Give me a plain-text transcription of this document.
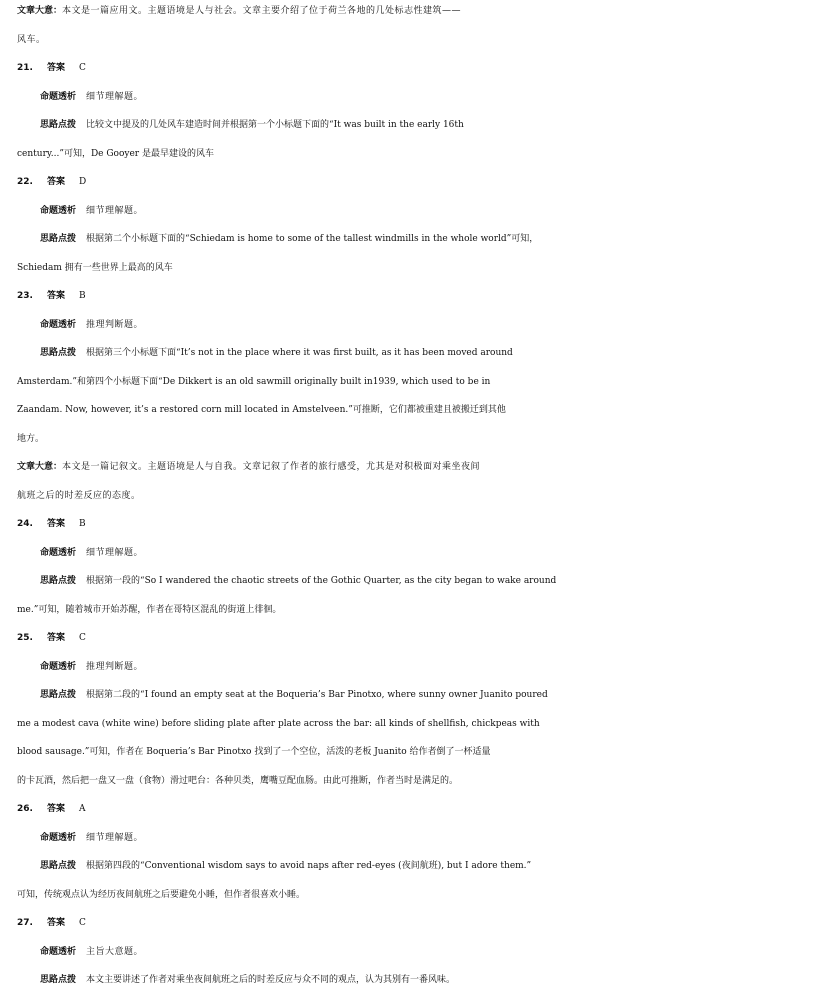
文章大意：本文是一篇应用文。主题语境是人与社会。文章主要介绍了位于荷兰各地的几处标志性建筑——
风车。
21. 答案 C
命题透析 细节理解题。
思路点拨 比较文中提及的几处风车建造时间并根据第一个小标题下面的“It was built in the early 16th
century...”可知，De Gooyer 是最早建设的风车
22. 答案 D
命题透析 细节理解题。
思路点拨 根据第二个小标题下面的“Schiedam is home to some of the tallest windmills in the whole world”可知，
Schiedam 拥有一些世界上最高的风车
23. 答案 B
命题透析 推理判断题。
思路点拨 根据第三个小标题下面“It’s not in the place where it was first built, as it has been moved around
Amsterdam.”和第四个小标题下面“De Dikkert is an old sawmill originally built in1939, which used to be in
Zaandam. Now, however, it’s a restored corn mill located in Amstelveen.”可推断，它们都被重建且被搬迁到其他
地方。
文章大意：本文是一篇记叙文。主题语境是人与自我。文章记叙了作者的旅行感受，尤其是对积极面对乘坐夜间
航班之后的时差反应的态度。
24. 答案 B
命题透析 细节理解题。
思路点拨 根据第一段的“So I wandered the chaotic streets of the Gothic Quarter, as the city began to wake around
me.”可知，随着城市开始苏醒，作者在哥特区混乱的街道上徘徊。
25. 答案 C
命题透析 推理判断题。
思路点拨 根据第二段的“I found an empty seat at the Boqueria’s Bar Pinotxo, where sunny owner Juanito poured
me a modest cava (white wine) before sliding plate after plate across the bar: all kinds of shellfish, chickpeas with
blood sausage.”可知，作者在 Boqueria’s Bar Pinotxo 找到了一个空位，活泼的老板 Juanito 给作者倒了一杯适量
的卡瓦酒，然后把一盘又一盘（食物）滑过吧台：各种贝类，鹰嘴豆配血肠。由此可推断，作者当时是满足的。
26. 答案 A
命题透析 细节理解题。
思路点拨 根据第四段的“Conventional wisdom says to avoid naps after red-eyes (夜间航班), but I adore them.”
可知，传统观点认为经历夜间航班之后要避免小睡，但作者很喜欢小睡。
27. 答案 C
命题透析 主旨大意题。
思路点拨 本文主要讲述了作者对乘坐夜间航班之后的时差反应与众不同的观点，认为其别有一番风味。
